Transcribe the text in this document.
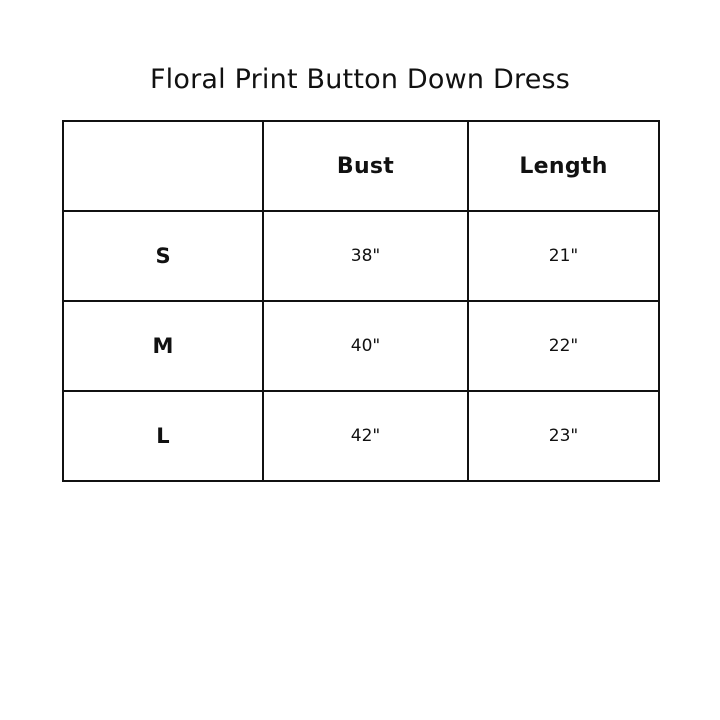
Floral Print Button Down Dress
	Bust	Length
S	38"	21"
M	40"	22"
L	42"	23"
